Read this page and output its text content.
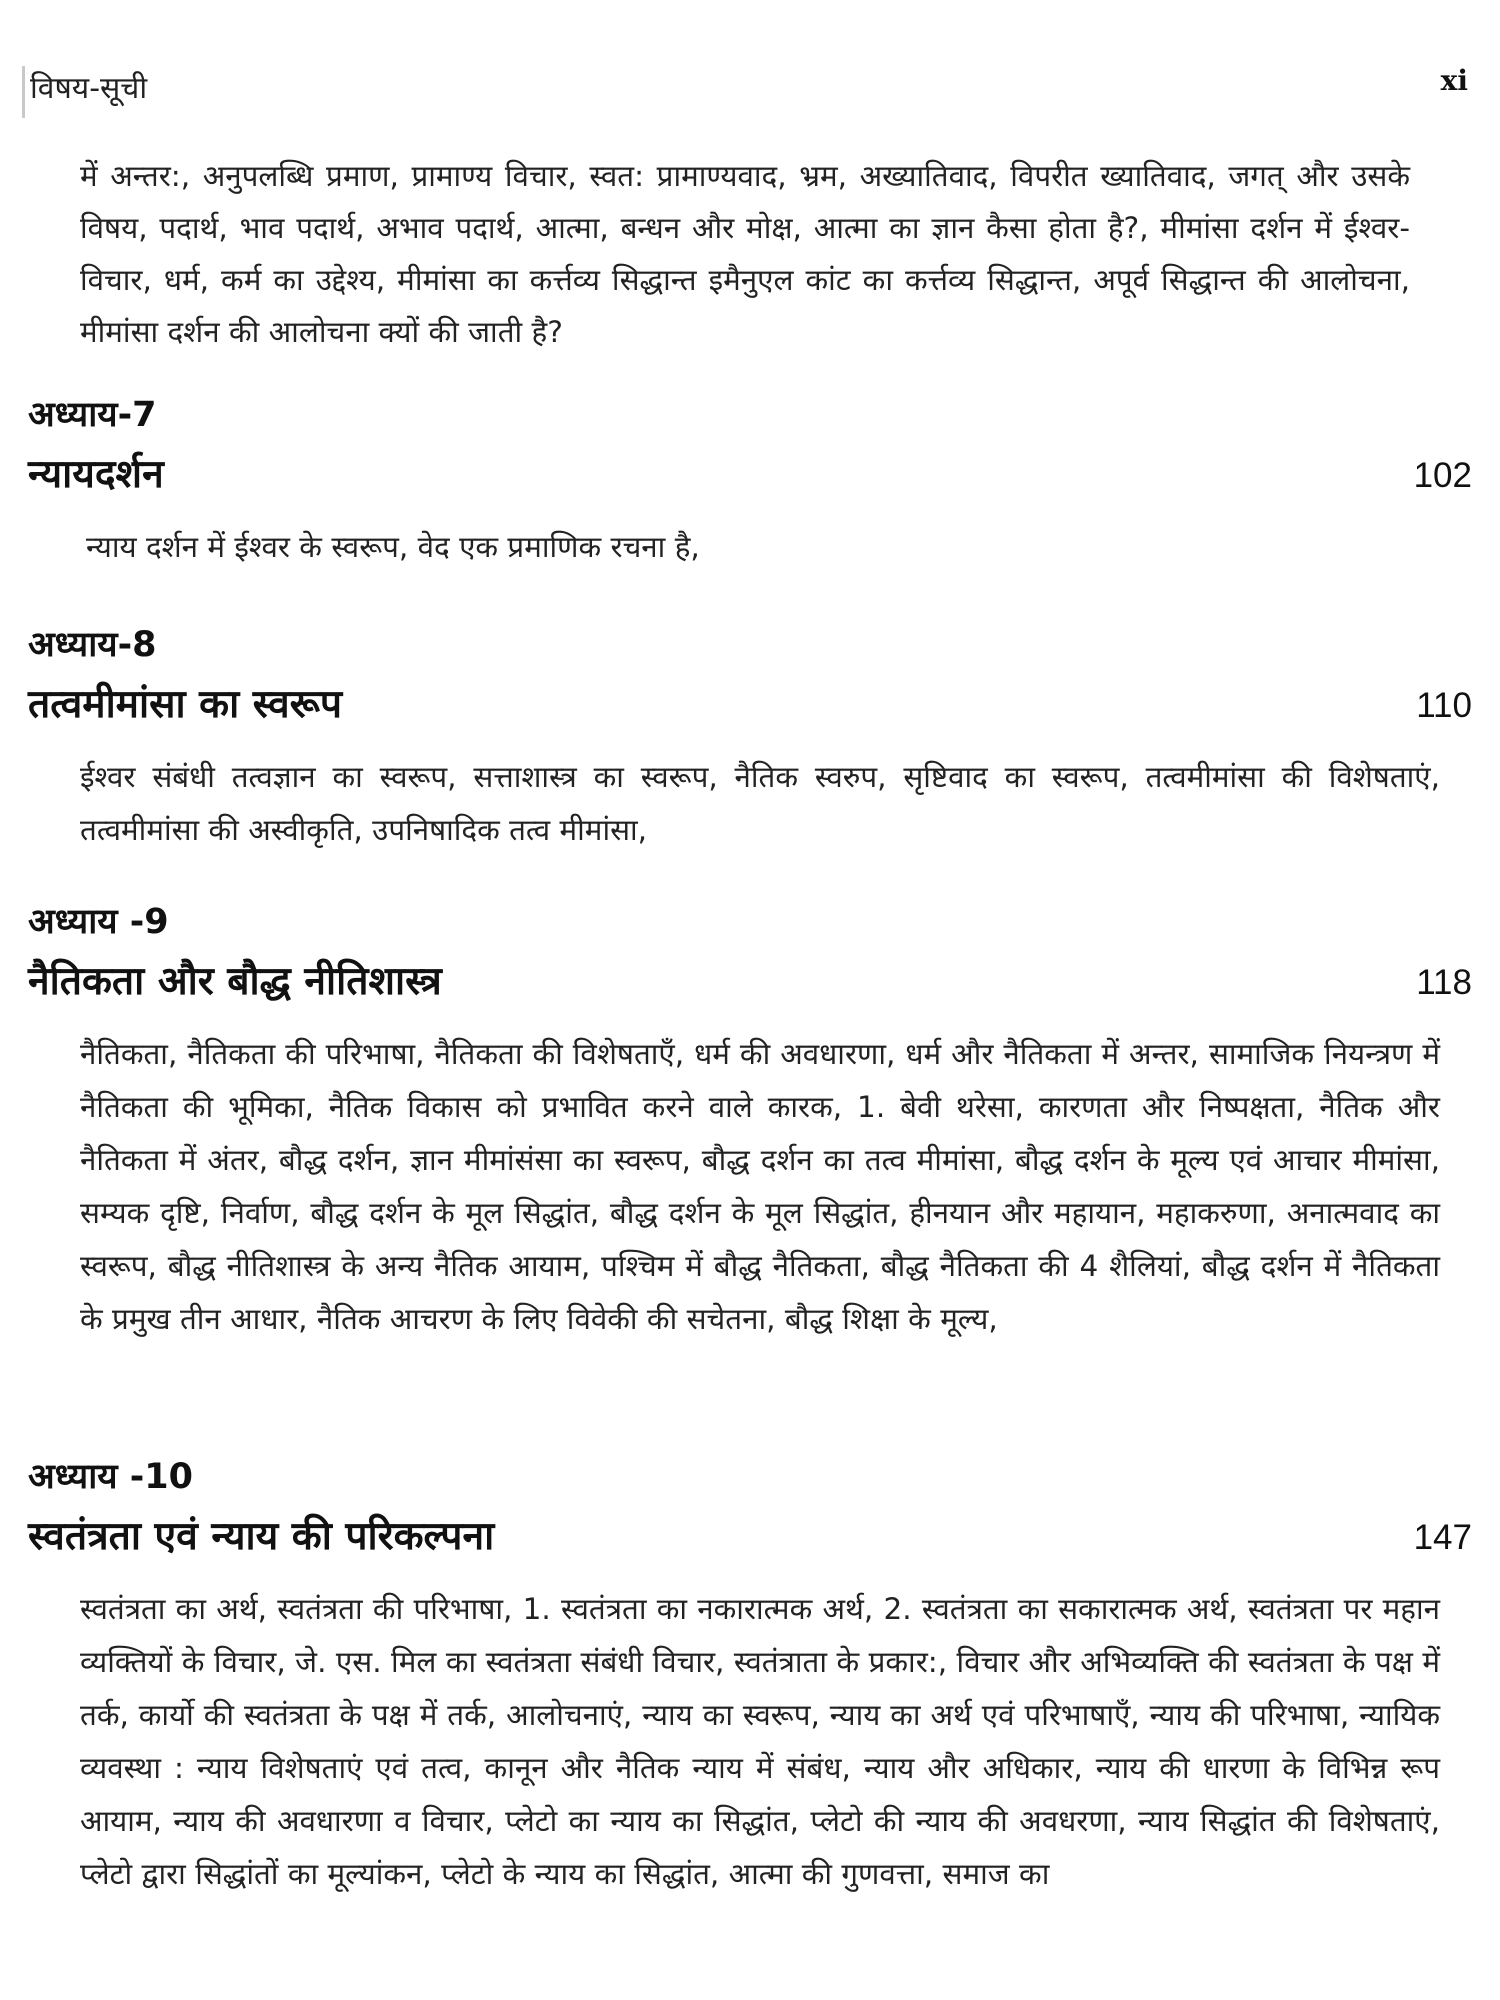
विषय-सूची	xi

में अन्तर:, अनुपलब्धि प्रमाण, प्रामाण्य विचार, स्वत: प्रामाण्यवाद, भ्रम, अख्यातिवाद, विपरीत ख्यातिवाद, जगत् और उसके विषय, पदार्थ, भाव पदार्थ, अभाव पदार्थ, आत्मा, बन्धन और मोक्ष, आत्मा का ज्ञान कैसा होता है?, मीमांसा दर्शन में ईश्वर-विचार, धर्म, कर्म का उद्देश्य, मीमांसा का कर्त्तव्य सिद्धान्त इमैनुएल कांट का कर्त्तव्य सिद्धान्त, अपूर्व सिद्धान्त की आलोचना, मीमांसा दर्शन की आलोचना क्यों की जाती है?

अध्याय-7

न्यायदर्शन	102

न्याय दर्शन में ईश्वर के स्वरूप, वेद एक प्रमाणिक रचना है,

अध्याय-8

तत्वमीमांसा का स्वरूप	110

ईश्वर संबंधी तत्वज्ञान का स्वरूप, सत्ताशास्त्र का स्वरूप, नैतिक स्वरुप, सृष्टिवाद का स्वरूप, तत्वमीमांसा की विशेषताएं, तत्वमीमांसा की अस्वीकृति, उपनिषादिक तत्व मीमांसा,

अध्याय -9

नैतिकता और बौद्ध नीतिशास्त्र	118

नैतिकता, नैतिकता की परिभाषा, नैतिकता की विशेषताएँ, धर्म की अवधारणा, धर्म और नैतिकता में अन्तर, सामाजिक नियन्त्रण में नैतिकता की भूमिका, नैतिक विकास को प्रभावित करने वाले कारक, 1. बेवी थरेसा, कारणता और निष्पक्षता, नैतिक और नैतिकता में अंतर, बौद्ध दर्शन, ज्ञान मीमांसंसा का स्वरूप, बौद्ध दर्शन का तत्व मीमांसा, बौद्ध दर्शन के मूल्य एवं आचार मीमांसा, सम्यक दृष्टि, निर्वाण, बौद्ध दर्शन के मूल सिद्धांत, बौद्ध दर्शन के मूल सिद्धांत, हीनयान और महायान, महाकरुणा, अनात्मवाद का स्वरूप, बौद्ध नीतिशास्त्र के अन्य नैतिक आयाम, पश्चिम में बौद्ध नैतिकता, बौद्ध नैतिकता की 4 शैलियां, बौद्ध दर्शन में नैतिकता के प्रमुख तीन आधार, नैतिक आचरण के लिए विवेकी की सचेतना, बौद्ध शिक्षा के मूल्य,

अध्याय -10

स्वतंत्रता एवं न्याय की परिकल्पना	147

स्वतंत्रता का अर्थ, स्वतंत्रता की परिभाषा, 1. स्वतंत्रता का नकारात्मक अर्थ, 2. स्वतंत्रता का सकारात्मक अर्थ, स्वतंत्रता पर महान व्यक्तियों के विचार, जे. एस. मिल का स्वतंत्रता संबंधी विचार, स्वतंत्राता के प्रकार:, विचार और अभिव्यक्ति की स्वतंत्रता के पक्ष में तर्क, कार्यो की स्वतंत्रता के पक्ष में तर्क, आलोचनाएं, न्याय का स्वरूप, न्याय का अर्थ एवं परिभाषाएँ, न्याय की परिभाषा, न्यायिक व्यवस्था : न्याय विशेषताएं एवं तत्व, कानून और नैतिक न्याय में संबंध, न्याय और अधिकार, न्याय की धारणा के विभिन्न रूप आयाम, न्याय की अवधारणा व विचार, प्लेटो का न्याय का सिद्धांत, प्लेटो की न्याय की अवधरणा, न्याय सिद्धांत की विशेषताएं, प्लेटो द्वारा सिद्धांतों का मूल्यांकन, प्लेटो के न्याय का सिद्धांत, आत्मा की गुणवत्ता, समाज का
